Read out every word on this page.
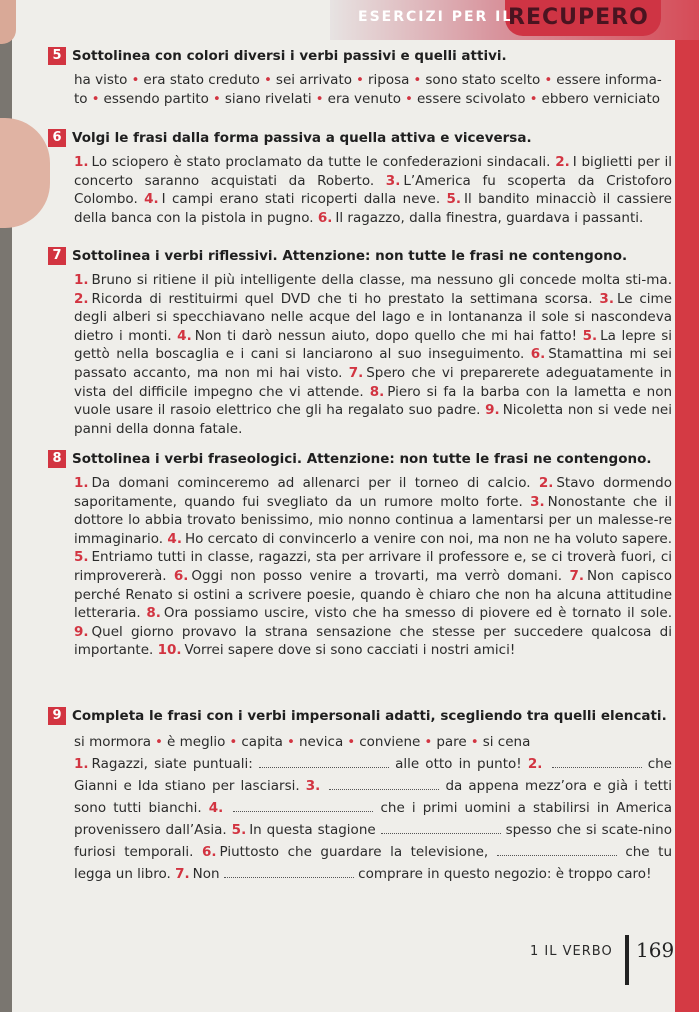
ESERCIZI PER IL
RECUPERO
5 Sottolinea con colori diversi i verbi passivi e quelli attivi.
ha visto • era stato creduto • sei arrivato • riposa • sono stato scelto • essere informa-
to • essendo partito • siano rivelati • era venuto • essere scivolato • ebbero verniciato
6 Volgi le frasi dalla forma passiva a quella attiva e viceversa.
1. Lo sciopero è stato proclamato da tutte le confederazioni sindacali. 2. I biglietti per il concerto saranno acquistati da Roberto. 3. L’America fu scoperta da Cristoforo Colombo. 4. I campi erano stati ricoperti dalla neve. 5. Il bandito minacciò il cassiere della banca con la pistola in pugno. 6. Il ragazzo, dalla finestra, guardava i passanti.
7 Sottolinea i verbi riflessivi. Attenzione: non tutte le frasi ne contengono.
1. Bruno si ritiene il più intelligente della classe, ma nessuno gli concede molta sti-ma. 2. Ricorda di restituirmi quel DVD che ti ho prestato la settimana scorsa. 3. Le cime degli alberi si specchiavano nelle acque del lago e in lontananza il sole si nascondeva dietro i monti. 4. Non ti darò nessun aiuto, dopo quello che mi hai fatto! 5. La lepre si gettò nella boscaglia e i cani si lanciarono al suo inseguimento. 6. Stamattina mi sei passato accanto, ma non mi hai visto. 7. Spero che vi preparerete adeguatamente in vista del difficile impegno che vi attende. 8. Piero si fa la barba con la lametta e non vuole usare il rasoio elettrico che gli ha regalato suo padre. 9. Nicoletta non si vede nei panni della donna fatale.
8 Sottolinea i verbi fraseologici. Attenzione: non tutte le frasi ne contengono.
1. Da domani cominceremo ad allenarci per il torneo di calcio. 2. Stavo dormendo saporitamente, quando fui svegliato da un rumore molto forte. 3. Nonostante che il dottore lo abbia trovato benissimo, mio nonno continua a lamentarsi per un malesse-re immaginario. 4. Ho cercato di convincerlo a venire con noi, ma non ne ha voluto sapere. 5. Entriamo tutti in classe, ragazzi, sta per arrivare il professore e, se ci troverà fuori, ci rimprovererà. 6. Oggi non posso venire a trovarti, ma verrò domani. 7. Non capisco perché Renato si ostini a scrivere poesie, quando è chiaro che non ha alcuna attitudine letteraria. 8. Ora possiamo uscire, visto che ha smesso di piovere ed è tornato il sole. 9. Quel giorno provavo la strana sensazione che stesse per succedere qualcosa di importante. 10. Vorrei sapere dove si sono cacciati i nostri amici!
9 Completa le frasi con i verbi impersonali adatti, scegliendo tra quelli elencati.
si mormora • è meglio • capita • nevica • conviene • pare • si cena
1. Ragazzi, siate puntuali:	alle otto in punto! 2.	che Gianni e Ida stiano per lasciarsi. 3.	da appena mezz’ora e già i tetti sono tutti bianchi. 4.	che i primi uomini a stabilirsi in America provenissero dall’Asia. 5. In questa stagione	spesso che si scate-nino furiosi temporali. 6. Piuttosto che guardare la televisione,	che tu legga un libro. 7. Non	comprare in questo negozio: è troppo caro!
1 IL VERBO 169
